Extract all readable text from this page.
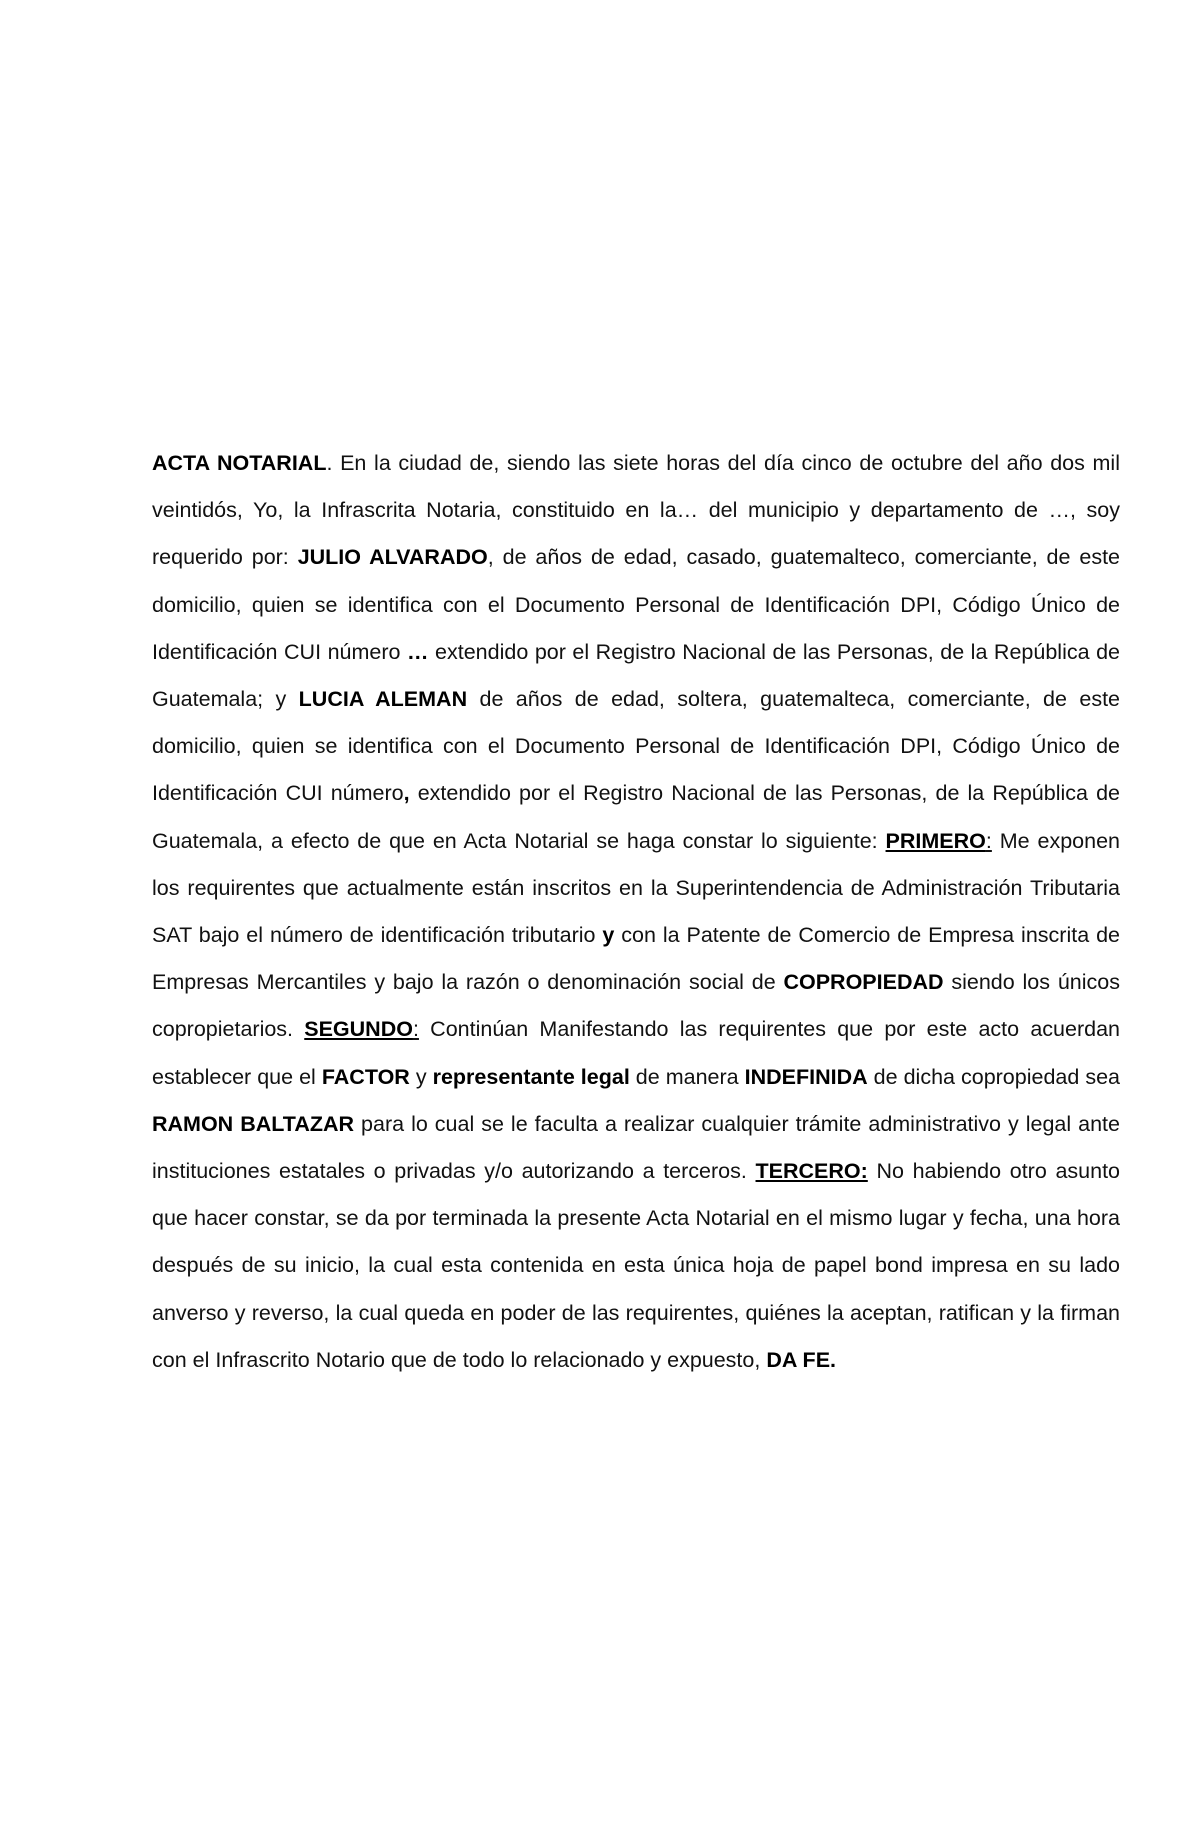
ACTA NOTARIAL. En la ciudad de, siendo las siete horas del día cinco de octubre del año dos mil veintidós, Yo, la Infrascrita Notaria, constituido en la… del municipio y departamento de …, soy requerido por: JULIO ALVARADO, de años de edad, casado, guatemalteco, comerciante, de este domicilio, quien se identifica con el Documento Personal de Identificación DPI, Código Único de Identificación CUI número … extendido por el Registro Nacional de las Personas, de la República de Guatemala; y LUCIA ALEMAN de años de edad, soltera, guatemalteca, comerciante, de este domicilio, quien se identifica con el Documento Personal de Identificación DPI, Código Único de Identificación CUI número, extendido por el Registro Nacional de las Personas, de la República de Guatemala, a efecto de que en Acta Notarial se haga constar lo siguiente: PRIMERO: Me exponen los requirentes que actualmente están inscritos en la Superintendencia de Administración Tributaria SAT bajo el número de identificación tributario y con la Patente de Comercio de Empresa inscrita de Empresas Mercantiles y bajo la razón o denominación social de COPROPIEDAD siendo los únicos copropietarios. SEGUNDO: Continúan Manifestando las requirentes que por este acto acuerdan establecer que el FACTOR y representante legal de manera INDEFINIDA de dicha copropiedad sea RAMON BALTAZAR para lo cual se le faculta a realizar cualquier trámite administrativo y legal ante instituciones estatales o privadas y/o autorizando a terceros. TERCERO: No habiendo otro asunto que hacer constar, se da por terminada la presente Acta Notarial en el mismo lugar y fecha, una hora después de su inicio, la cual esta contenida en esta única hoja de papel bond impresa en su lado anverso y reverso, la cual queda en poder de las requirentes, quiénes la aceptan, ratifican y la firman con el Infrascrito Notario que de todo lo relacionado y expuesto, DA FE.
